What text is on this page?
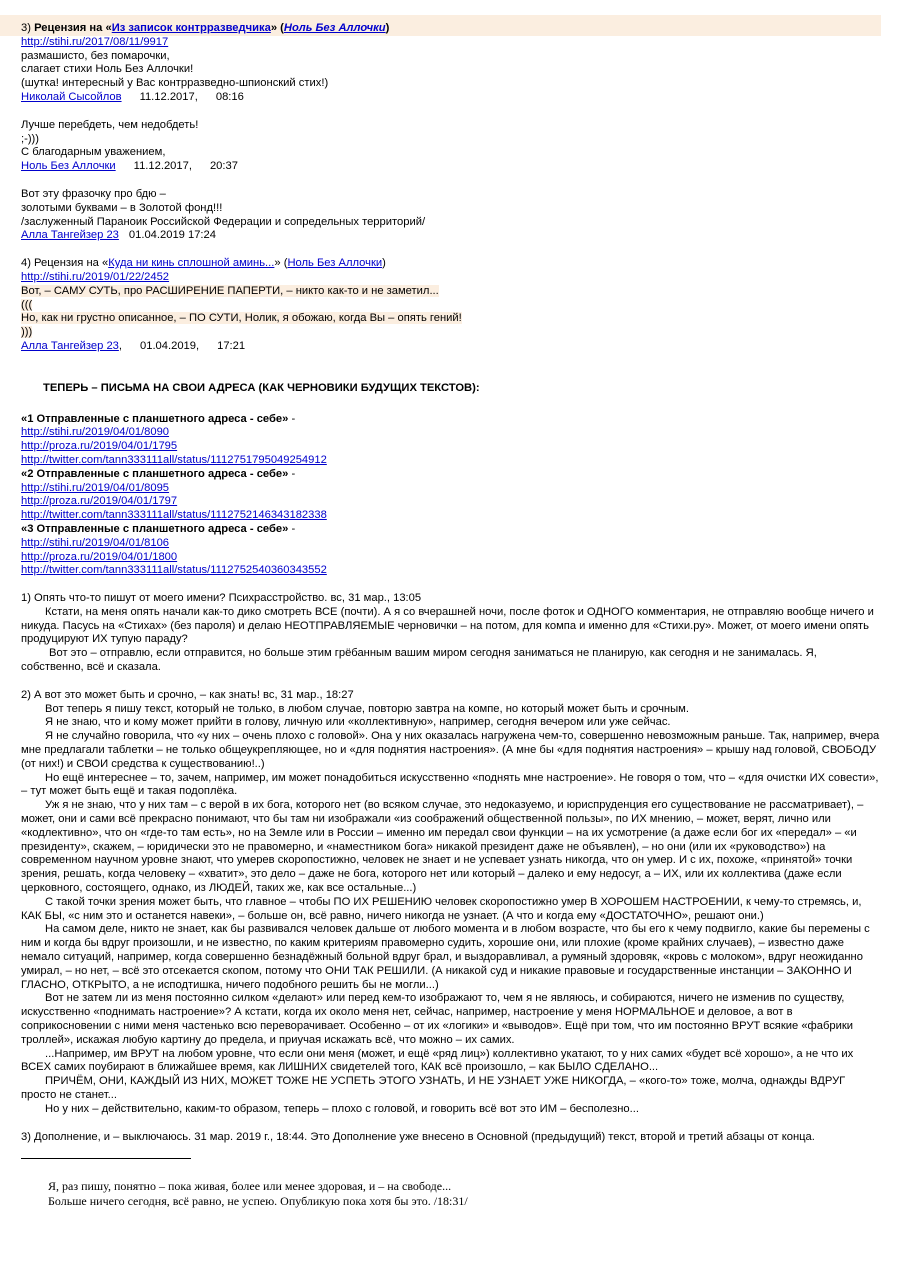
3) Рецензия на «Из записок контрразведчика» (Ноль Без Аллочки)
http://stihi.ru/2017/08/11/9917
размашисто, без помарочки,
слагает стихи Ноль Без Аллочки!
(шутка! интересный у Вас контрразведно-шпионский стих!)
Николай Сысойлов 11.12.2017, 08:16
Лучше перебдеть, чем недобдеть!
;-)))
С благодарным уважением,
Ноль Без Аллочки 11.12.2017, 20:37
Вот эту фразочку про бдю –
золотыми буквами – в Золотой фонд!!!
/заслуженный Параноик Российской Федерации и сопредельных территорий/
Алла Тангейзер 23 01.04.2019 17:24
4) Рецензия на «Куда ни кинь сплошной аминь...» (Ноль Без Аллочки)
http://stihi.ru/2019/01/22/2452
Вот, – САМУ СУТЬ, про РАСШИРЕНИЕ ПАПЕРТИ, – никто как-то и не заметил...
(((
Но, как ни грустно описанное, – ПО СУТИ, Нолик, я обожаю, когда Вы – опять гений!
)))
Алла Тангейзер 23, 01.04.2019, 17:21
ТЕПЕРЬ – ПИСЬМА НА СВОИ АДРЕСА (КАК ЧЕРНОВИКИ БУДУЩИХ ТЕКСТОВ):
«1 Отправленные с планшетного адреса - себе» -
http://stihi.ru/2019/04/01/8090
http://proza.ru/2019/04/01/1795
http://twitter.com/tann333111all/status/1112751795049254912
«2 Отправленные с планшетного адреса - себе» -
http://stihi.ru/2019/04/01/8095
http://proza.ru/2019/04/01/1797
http://twitter.com/tann333111all/status/1112752146343182338
«3 Отправленные с планшетного адреса - себе» -
http://stihi.ru/2019/04/01/8106
http://proza.ru/2019/04/01/1800
http://twitter.com/tann333111all/status/1112752540360343552

1) Опять что-то пишут от моего имени? Психрасстройство. вс, 31 мар., 13:05

Кстати, на меня опять начали как-то дико смотреть ВСЕ (почти). А я со вчерашней ночи, после фоток и ОДНОГО комментария, не отправляю вообще ничего и никуда. Пасусь на «Стихах» (без пароля) и делаю НЕОТПРАВЛЯЕМЫЕ черновички – на потом, для компа и именно для «Стихи.ру». Может, от моего имени опять продуцируют ИХ тупую параду?

Вот это – отправлю, если отправится, но больше этим грёбанным вашим миром сегодня заниматься не планирую, как сегодня и не занималась. Я, собственно, всё и сказала.

2) А вот это может быть и срочно, – как знать! вс, 31 мар., 18:27

Вот теперь я пишу текст, который не только, в любом случае, повторю завтра на компе, но который может быть и срочным.

Я не знаю, что и кому может прийти в голову, личную или «коллективную», например, сегодня вечером или уже сейчас.

Я не случайно говорила, что «у них – очень плохо с головой». Она у них оказалась нагружена чем-то, совершенно невозможным раньше. Так, например, вчера мне предлагали таблетки – не только общеукрепляющее, но и «для поднятия настроения». (А мне бы «для поднятия настроения» – крышу над головой, СВОБОДУ (от них!) и СВОИ средства к существованию!..)

Но ещё интереснее – то, зачем, например, им может понадобиться искусственно «поднять мне настроение». Не говоря о том, что – «для очистки ИХ совести», – тут может быть ещё и такая подоплёка.

Уж я не знаю, что у них там – с верой в их бога, которого нет (во всяком случае, это недоказуемо, и юриспруденция его существование не рассматривает), – может, они и сами всё прекрасно понимают, что бы там ни изображали «из соображений общественной пользы», по ИХ мнению, – может, верят, лично или «кодлективно», что он «где-то там есть», но на Земле или в России – именно им передал свои функции – на их усмотрение (а даже если бог их «передал» – «и президенту», скажем, – юридически это не правомерно, и «наместником бога» никакой президент даже не объявлен), – но они (или их «руководство») на современном научном уровне знают, что умерев скоропостижно, человек не знает и не успевает узнать никогда, что он умер. И с их, похоже, «принятой» точки зрения, решать, когда человеку – «хватит», это дело – даже не бога, которого нет или который – далеко и ему недосуг, а – ИХ, или их коллектива (даже если церковного, состоящего, однако, из ЛЮДЕЙ, таких же, как все остальные...)

С такой точки зрения может быть, что главное – чтобы ПО ИХ РЕШЕНИЮ человек скоропостижно умер В ХОРОШЕМ НАСТРОЕНИИ, к чему-то стремясь, и, КАК БЫ, «с ним это и останется навеки», – больше он, всё равно, ничего никогда не узнает. (А что и когда ему «ДОСТАТОЧНО», решают они.)

На самом деле, никто не знает, как бы развивался человек дальше от любого момента и в любом возрасте, что бы его к чему подвигло, какие бы перемены с ним и когда бы вдруг произошли, и не известно, по каким критериям правомерно судить, хорошие они, или плохие (кроме крайних случаев), – известно даже немало ситуаций, например, когда совершенно безнадёжный больной вдруг брал, и выздоравливал, а румяный здоровяк, «кровь с молоком», вдруг неожиданно умирал, – но нет, – всё это отсекается скопом, потому что ОНИ ТАК РЕШИЛИ. (А никакой суд и никакие правовые и государственные инстанции – ЗАКОННО И ГЛАСНО, ОТКРЫТО, а не исподтишка, ничего подобного решить бы не могли...)

Вот не затем ли из меня постоянно силком «делают» или перед кем-то изображают то, чем я не являюсь, и собираются, ничего не изменив по существу, искусственно «поднимать настроение»? А кстати, когда их около меня нет, сейчас, например, настроение у меня НОРМАЛЬНОЕ и деловое, а вот в соприкосновении с ними меня частенько всю переворачивает. Особенно – от их «логики» и «выводов». Ещё при том, что им постоянно ВРУТ всякие «фабрики троллей», искажая любую картину до предела, и приучая искажать всё, что можно – их самих.

...Например, им ВРУТ на любом уровне, что если они меня (может, и ещё «ряд лиц») коллективно укатают, то у них самих «будет всё хорошо», а не что их ВСЕХ самих поубирают в ближайшее время, как ЛИШНИХ свидетелей того, КАК всё произошло, – как БЫЛО СДЕЛАНО...

ПРИЧЁМ, ОНИ, КАЖДЫЙ ИЗ НИХ, МОЖЕТ ТОЖЕ НЕ УСПЕТЬ ЭТОГО УЗНАТЬ, И НЕ УЗНАЕТ УЖЕ НИКОГДА, – «кого-то» тоже, молча, однажды ВДРУГ просто не станет...

Но у них – действительно, каким-то образом, теперь – плохо с головой, и говорить всё вот это ИМ – бесполезно...

3) Дополнение, и – выключаюсь. 31 мар. 2019 г., 18:44. Это Дополнение уже внесено в Основной (предыдущий) текст, второй и третий абзацы от конца.

Я, раз пишу, понятно – пока живая, более или менее здоровая, и – на свободе...
Больше ничего сегодня, всё равно, не успею. Опубликую пока хотя бы это. /18:31/
